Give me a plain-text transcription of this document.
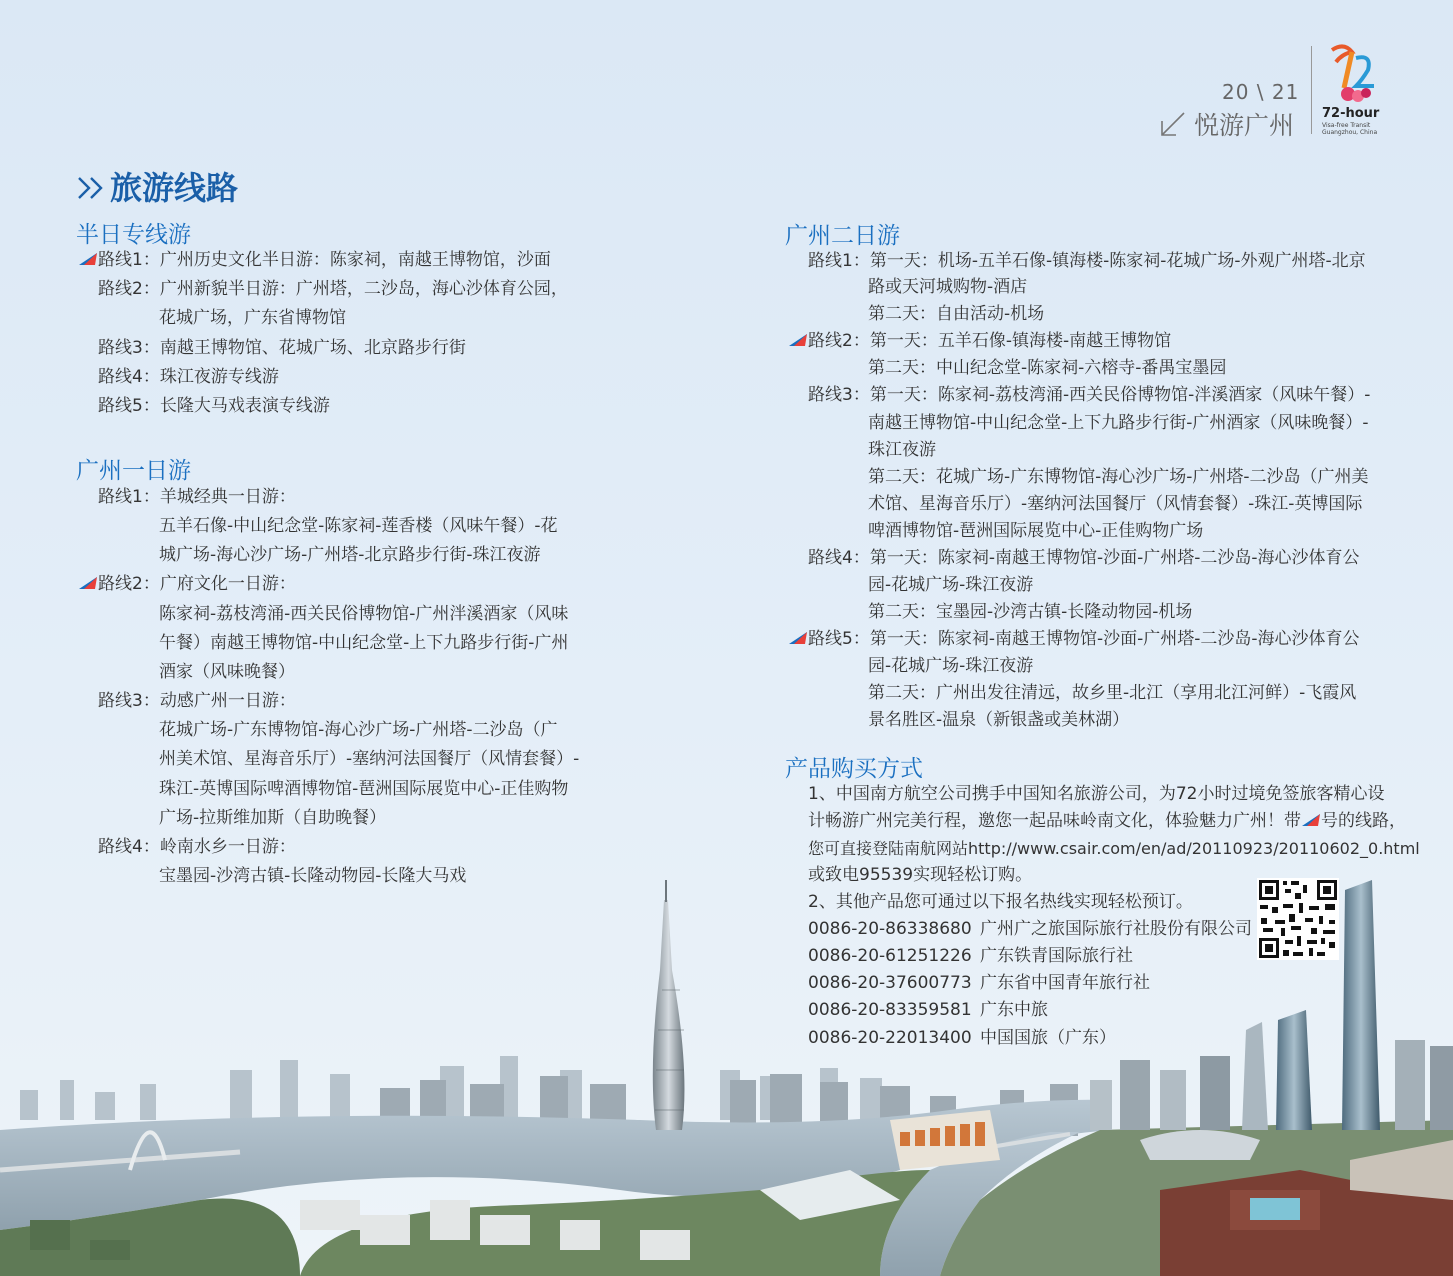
20 \ 21
悦游广州 72-hour
Visa-free Transit
Guangzhou, China
旅游线路
半日专线游
路线1：广州历史文化半日游：陈家祠，南越王博物馆，沙面
路线2：广州新貌半日游：广州塔，二沙岛，海心沙体育公园，
花城广场，广东省博物馆
路线3：南越王博物馆、花城广场、北京路步行街
路线4：珠江夜游专线游
路线5：长隆大马戏表演专线游
广州一日游
路线1：羊城经典一日游：
五羊石像-中山纪念堂-陈家祠-莲香楼（风味午餐）-花
城广场-海心沙广场-广州塔-北京路步行街-珠江夜游
路线2：广府文化一日游：
陈家祠-荔枝湾涌-西关民俗博物馆-广州泮溪酒家（风味
午餐）南越王博物馆-中山纪念堂-上下九路步行街-广州
酒家（风味晚餐）
路线3：动感广州一日游：
花城广场-广东博物馆-海心沙广场-广州塔-二沙岛（广
州美术馆、星海音乐厅）-塞纳河法国餐厅（风情套餐）-
珠江-英博国际啤酒博物馆-琶洲国际展览中心-正佳购物
广场-拉斯维加斯（自助晚餐）
路线4：岭南水乡一日游：
宝墨园-沙湾古镇-长隆动物园-长隆大马戏
广州二日游
路线1：第一天：机场-五羊石像-镇海楼-陈家祠-花城广场-外观广州塔-北京
路或天河城购物-酒店
第二天：自由活动-机场
路线2：第一天：五羊石像-镇海楼-南越王博物馆
第二天：中山纪念堂-陈家祠-六榕寺-番禺宝墨园
路线3：第一天：陈家祠-荔枝湾涌-西关民俗博物馆-泮溪酒家（风味午餐）-
南越王博物馆-中山纪念堂-上下九路步行街-广州酒家（风味晚餐）-
珠江夜游
第二天：花城广场-广东博物馆-海心沙广场-广州塔-二沙岛（广州美
术馆、星海音乐厅）-塞纳河法国餐厅（风情套餐）-珠江-英博国际
啤酒博物馆-琶洲国际展览中心-正佳购物广场
路线4：第一天：陈家祠-南越王博物馆-沙面-广州塔-二沙岛-海心沙体育公
园-花城广场-珠江夜游
第二天：宝墨园-沙湾古镇-长隆动物园-机场
路线5：第一天：陈家祠-南越王博物馆-沙面-广州塔-二沙岛-海心沙体育公
园-花城广场-珠江夜游
第二天：广州出发往清远，故乡里-北江（享用北江河鲜）-飞霞风
景名胜区-温泉（新银盏或美林湖）
产品购买方式
1、中国南方航空公司携手中国知名旅游公司，为72小时过境免签旅客精心设
计畅游广州完美行程，邀您一起品味岭南文化，体验魅力广州！带 号的线路，
您可直接登陆南航网站http://www.csair.com/en/ad/20110923/20110602_0.html
或致电95539实现轻松订购。
2、其他产品您可通过以下报名热线实现轻松预订。
0086-20-86338680 广州广之旅国际旅行社股份有限公司
0086-20-61251226 广东铁青国际旅行社
0086-20-37600773 广东省中国青年旅行社
0086-20-83359581 广东中旅
0086-20-22013400 中国国旅（广东）
